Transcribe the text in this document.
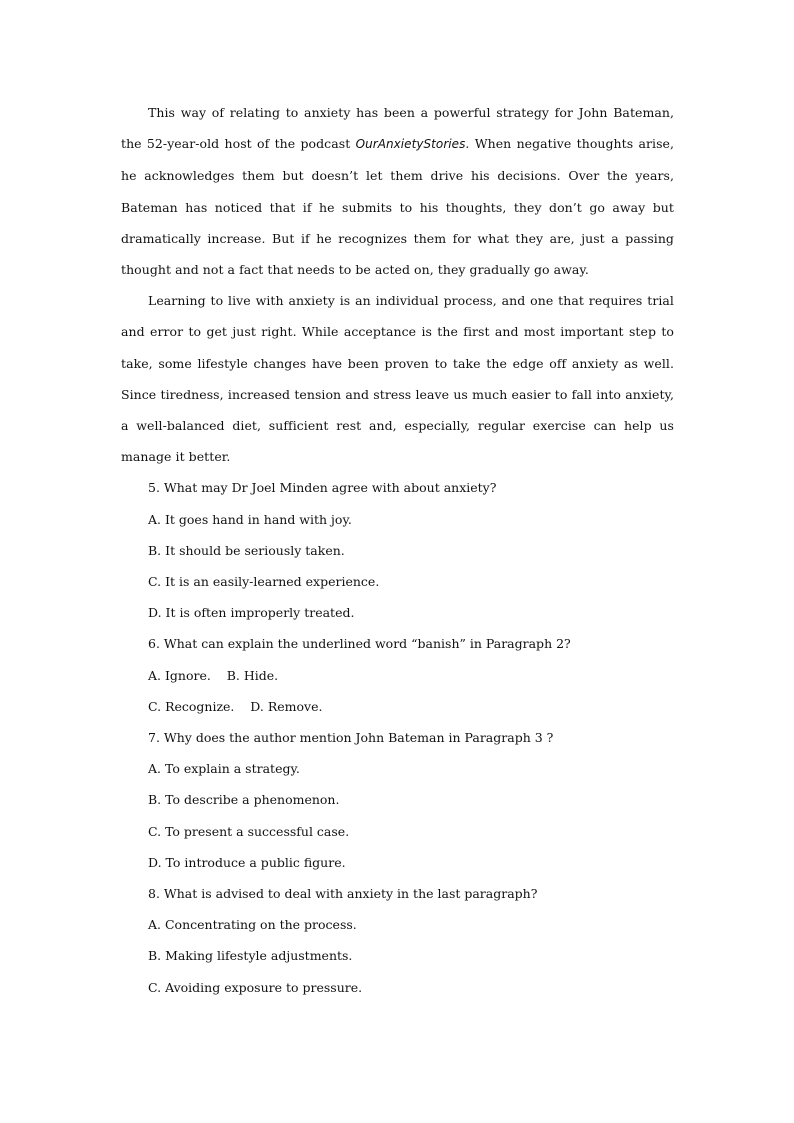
This way of relating to anxiety has been a powerful strategy for John Bateman, the 52-year-old host of the podcast OurAnxietyStories. When negative thoughts arise, he acknowledges them but doesn’t let them drive his decisions. Over the years, Bateman has noticed that if he submits to his thoughts, they don’t go away but dramatically increase. But if he recognizes them for what they are, just a passing thought and not a fact that needs to be acted on, they gradually go away.

Learning to live with anxiety is an individual process, and one that requires trial and error to get just right. While acceptance is the first and most important step to take, some lifestyle changes have been proven to take the edge off anxiety as well. Since tiredness, increased tension and stress leave us much easier to fall into anxiety, a well-balanced diet, sufficient rest and, especially, regular exercise can help us manage it better.

5. What may Dr Joel Minden agree with about anxiety?

A. It goes hand in hand with joy.

B. It should be seriously taken.

C. It is an easily-learned experience.

D. It is often improperly treated.

6. What can explain the underlined word “banish” in Paragraph 2?

A. Ignore.    B. Hide.

C. Recognize.    D. Remove.

7. Why does the author mention John Bateman in Paragraph 3 ?

A. To explain a strategy.

B. To describe a phenomenon.

C. To present a successful case.

D. To introduce a public figure.

8. What is advised to deal with anxiety in the last paragraph?

A. Concentrating on the process.

B. Making lifestyle adjustments.

C. Avoiding exposure to pressure.
